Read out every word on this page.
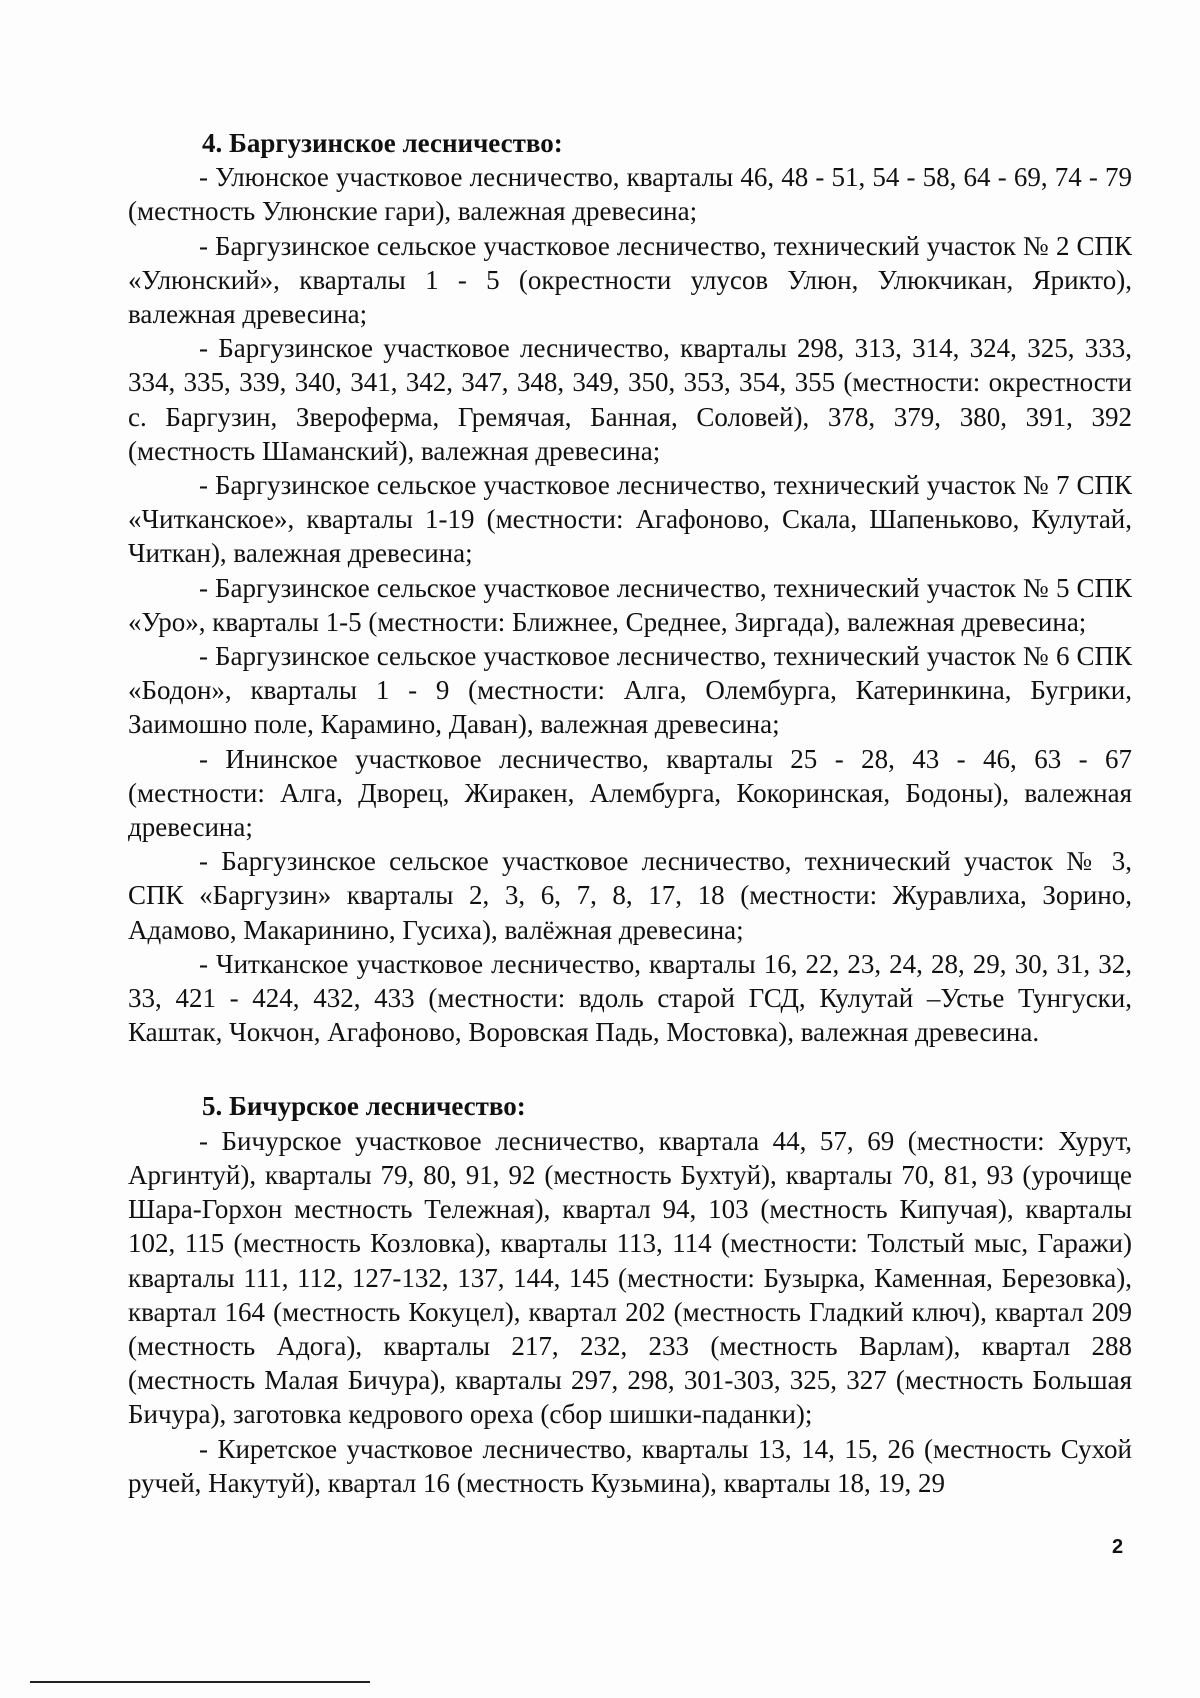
4. Баргузинское лесничество:

- Улюнское участковое лесничество, кварталы 46, 48 - 51, 54 - 58, 64 - 69, 74 - 79 (местность Улюнские гари), валежная древесина;

- Баргузинское сельское участковое лесничество, технический участок № 2 СПК «Улюнский», кварталы 1 - 5 (окрестности улусов Улюн, Улюкчикан, Ярикто), валежная древесина;

- Баргузинское участковое лесничество, кварталы 298, 313, 314, 324, 325, 333, 334, 335, 339, 340, 341, 342, 347, 348, 349, 350, 353, 354, 355 (местности: окрестности с. Баргузин, Звероферма, Гремячая, Банная, Соловей), 378, 379, 380, 391, 392 (местность Шаманский), валежная древесина;

- Баргузинское сельское участковое лесничество, технический участок № 7 СПК «Читканское», кварталы 1-19 (местности: Агафоново, Скала, Шапеньково, Кулутай, Читкан), валежная древесина;

- Баргузинское сельское участковое лесничество, технический участок № 5 СПК «Уро», кварталы 1-5 (местности: Ближнее, Среднее, Зиргада), валежная древесина;

- Баргузинское сельское участковое лесничество, технический участок № 6 СПК «Бодон», кварталы 1 - 9 (местности: Алга, Олембурга, Катеринкина, Бугрики, Заимошно поле, Карамино, Даван), валежная древесина;

- Ининское участковое лесничество, кварталы 25 - 28, 43 - 46, 63 - 67 (местности: Алга, Дворец, Жиракен, Алембурга, Кокоринская, Бодоны), валежная древесина;

- Баргузинское сельское участковое лесничество, технический участок № 3, СПК «Баргузин» кварталы 2, 3, 6, 7, 8, 17, 18 (местности: Журавлиха, Зорино, Адамово, Макаринино, Гусиха), валёжная древесина;

- Читканское участковое лесничество, кварталы 16, 22, 23, 24, 28, 29, 30, 31, 32, 33, 421 - 424, 432, 433 (местности: вдоль старой ГСД, Кулутай –Устье Тунгуски, Каштак, Чокчон, Агафоново, Воровская Падь, Мостовка), валежная древесина.

5. Бичурское лесничество:

- Бичурское участковое лесничество, квартала 44, 57, 69 (местности: Хурут, Аргинтуй), кварталы 79, 80, 91, 92 (местность Бухтуй), кварталы 70, 81, 93 (урочище Шара-Горхон местность Тележная), квартал 94, 103 (местность Кипучая), кварталы 102, 115 (местность Козловка), кварталы 113, 114 (местности: Толстый мыс, Гаражи) кварталы 111, 112, 127-132, 137, 144, 145 (местности: Бузырка, Каменная, Березовка), квартал 164 (местность Кокуцел), квартал 202 (местность Гладкий ключ), квартал 209 (местность Адога), кварталы 217, 232, 233 (местность Варлам), квартал 288 (местность Малая Бичура), кварталы 297, 298, 301-303, 325, 327 (местность Большая Бичура), заготовка кедрового ореха (сбор шишки-паданки);

- Киретское участковое лесничество, кварталы 13, 14, 15, 26 (местность Сухой ручей, Накутуй), квартал 16 (местность Кузьмина), кварталы 18, 19, 29

2
